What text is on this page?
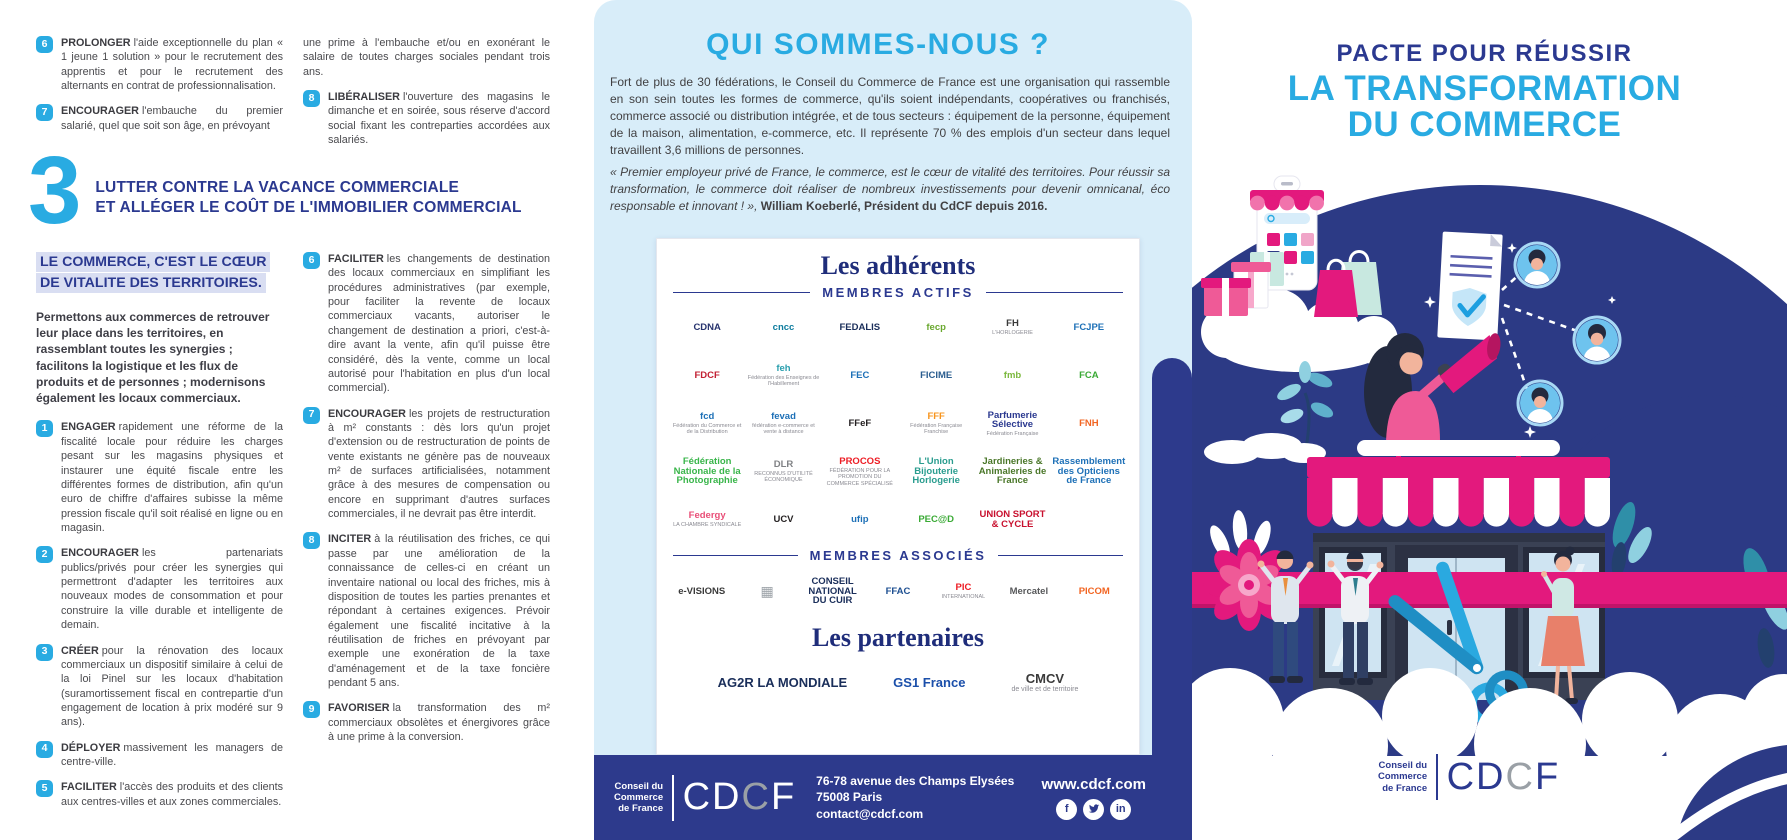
6	PROLONGER l'aide exceptionnelle du plan « 1 jeune 1 solution » pour le recrutement des apprentis et pour le recrutement des alternants en contrat de professionnalisation.
7	ENCOURAGER l'embauche du premier salarié, quel que soit son âge, en prévoyant

une prime à l'embauche et/ou en exonérant le salaire de toutes charges sociales pendant trois ans.

8	LIBÉRALISER l'ouverture des magasins le dimanche et en soirée, sous réserve d'accord social fixant les contreparties accordées aux salariés.
3 LUTTER CONTRE LA VACANCE COMMERCIALE
ET ALLÉGER LE COÛT DE L'IMMOBILIER COMMERCIAL
LE COMMERCE, C'EST LE CŒUR DE VITALITE DES TERRITOIRES.

Permettons aux commerces de retrouver leur place dans les territoires, en rassemblant toutes les synergies ; facilitons la logistique et les flux de produits et de personnes ; modernisons également les locaux commerciaux.

1	ENGAGER rapidement une réforme de la fiscalité locale pour réduire les charges pesant sur les magasins physiques et instaurer une équité fiscale entre les différentes formes de distribution, afin qu'un euro de chiffre d'affaires subisse la même pression fiscale qu'il soit réalisé en ligne ou en magasin.
2	ENCOURAGER les partenariats publics/privés pour créer les synergies qui permettront d'adapter les territoires aux nouveaux modes de consommation et pour construire la ville durable et intelligente de demain.
3	CRÉER pour la rénovation des locaux commerciaux un dispositif similaire à celui de la loi Pinel sur les locaux d'habitation (suramortissement fiscal en contrepartie d'un engagement de location à prix modéré sur 9 ans).
4	DÉPLOYER massivement les managers de centre-ville.
5	FACILITER l'accès des produits et des clients aux centres-villes et aux zones commerciales.
6	FACILITER les changements de destination des locaux commerciaux en simplifiant les procédures administratives (par exemple, pour faciliter la revente de locaux commerciaux vacants, autoriser le changement de destination a priori, c'est-à-dire avant la vente, afin qu'il puisse être considéré, dès la vente, comme un local autorisé pour l'habitation en plus d'un local commercial).
7	ENCOURAGER les projets de restructuration à m² constants : dès lors qu'un projet d'extension ou de restructuration de points de vente existants ne génère pas de nouveaux m² de surfaces artificialisées, notamment grâce à des mesures de compensation ou encore en supprimant d'autres surfaces commerciales, il ne devrait pas être interdit.
8	INCITER à la réutilisation des friches, ce qui passe par une amélioration de la connaissance de celles-ci en créant un inventaire national ou local des friches, mis à disposition de toutes les parties prenantes et répondant à certaines exigences. Prévoir également une fiscalité incitative à la réutilisation de friches en prévoyant par exemple une exonération de la taxe d'aménagement et de la taxe foncière pendant 5 ans.
9	FAVORISER la transformation des m² commerciaux obsolètes et énergivores grâce à une prime à la conversion.
QUI SOMMES-NOUS ?

Fort de plus de 30 fédérations, le Conseil du Commerce de France est une organisation qui rassemble en son sein toutes les formes de commerce, qu'ils soient indépendants, coopératives ou franchisés, commerce associé ou distribution intégrée, et de tous secteurs : équipement de la personne, équipement de la maison, alimentation, e-commerce, etc. Il représente 70 % des emplois d'un secteur dans lequel travaillent 3,6 millions de personnes.

« Premier employeur privé de France, le commerce, est le cœur de vitalité des territoires. Pour réussir sa transformation, le commerce doit réaliser de nombreux investissements pour devenir omnicanal, éco responsable et innovant ! », William Koeberlé, Président du CdCF depuis 2016.

Les adhérents
MEMBRES ACTIFS
CDNA	cncc	FEDALIS	fecp	FH
L'HORLOGERIE
FCJPE
FDCF
feh
Fédération des Enseignes de l'Habillement
FEC	FICIME	fmb	FCA
fcd
Fédération du Commerce et de la Distribution
fevad
fédération e-commerce et vente à distance
FFeF
FFF
Fédération Française Franchise
Parfumerie Sélective
Fédération Française
FNH
Fédération Nationale de la Photographie
DLR
RECONNUS D'UTILITÉ ÉCONOMIQUE
PROCOS
FÉDÉRATION POUR LA PROMOTION DU COMMERCE SPÉCIALISÉ
L'Union Bijouterie Horlogerie
Jardineries & Animaleries de France
Rassemblement des Opticiens de France
Federgy
LA CHAMBRE SYNDICALE
UCV	ufip	PEC@D	UNION SPORT & CYCLE
MEMBRES ASSOCIÉS
e-VISIONS
▦
CONSEIL NATIONAL DU CUIR
FFAC	PIC
INTERNATIONAL
Mercatel	PICOM
Les partenaires
AG2R LA MONDIALE	GS1 France	CMCV
de ville et de territoire
Conseil du
Commerce
de France CDCF 76-78 avenue des Champs Elysées
75008 Paris
contact@cdcf.com
www.cdcf.com
f	in
PACTE POUR RÉUSSIR
LA TRANSFORMATION
DU COMMERCE
Conseil du
Commerce
de France CDCF
